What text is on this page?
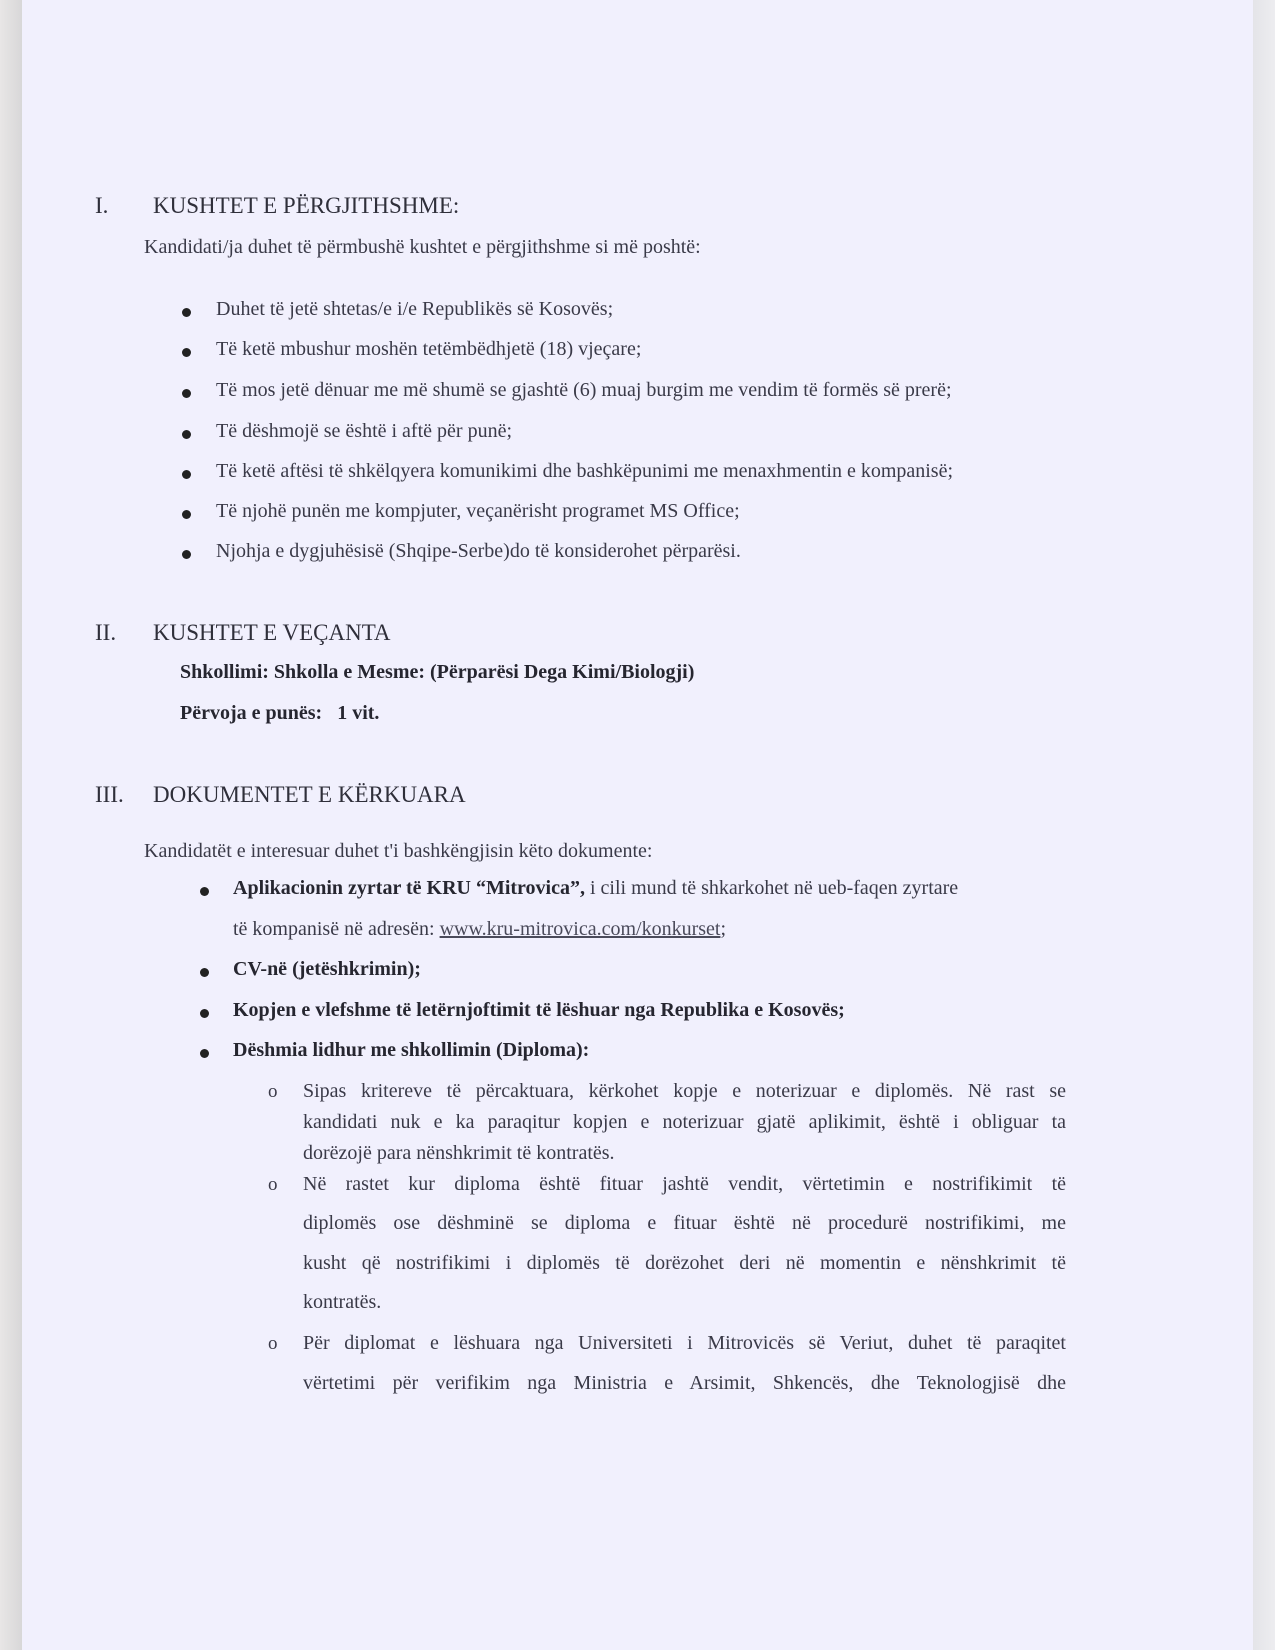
I. KUSHTET E PËRGJITHSHME:
Kandidati/ja duhet të përmbushë kushtet e përgjithshme si më poshtë:
Duhet të jetë shtetas/e i/e Republikës së Kosovës;
Të ketë mbushur moshën tetëmbëdhjetë (18) vjeçare;
Të mos jetë dënuar me më shumë se gjashtë (6) muaj burgim me vendim të formës së prerë;
Të dëshmojë se është i aftë për punë;
Të ketë aftësi të shkëlqyera komunikimi dhe bashkëpunimi me menaxhmentin e kompanisë;
Të njohë punën me kompjuter, veçanërisht programet MS Office;
Njohja e dygjuhësisë (Shqipe-Serbe)do të konsiderohet përparësi.
II. KUSHTET E VEÇANTA
Shkollimi: Shkolla e Mesme: (Përparësi Dega Kimi/Biologji)
Përvoja e punës:   1 vit.
III. DOKUMENTET E KËRKUARA
Kandidatët e interesuar duhet t'i bashkëngjisin këto dokumente:
Aplikacionin zyrtar të KRU “Mitrovica”, i cili mund të shkarkohet në ueb-faqen zyrtare
të kompanisë në adresën: www.kru-mitrovica.com/konkurset;
CV-në (jetëshkrimin);
Kopjen e vlefshme të letërnjoftimit të lëshuar nga Republika e Kosovës;
Dëshmia lidhur me shkollimin (Diploma):
o Sipas kritereve të përcaktuara, kërkohet kopje e noterizuar e diplomës. Në rast se
kandidati nuk e ka paraqitur kopjen e noterizuar gjatë aplikimit, është i obliguar ta
dorëzojë para nënshkrimit të kontratës.
o Në rastet kur diploma është fituar jashtë vendit, vërtetimin e nostrifikimit të
diplomës ose dëshminë se diploma e fituar është në procedurë nostrifikimi, me
kusht që nostrifikimi i diplomës të dorëzohet deri në momentin e nënshkrimit të
kontratës.
o Për diplomat e lëshuara nga Universiteti i Mitrovicës së Veriut, duhet të paraqitet
vërtetimi për verifikim nga Ministria e Arsimit, Shkencës, dhe Teknologjisë dhe
